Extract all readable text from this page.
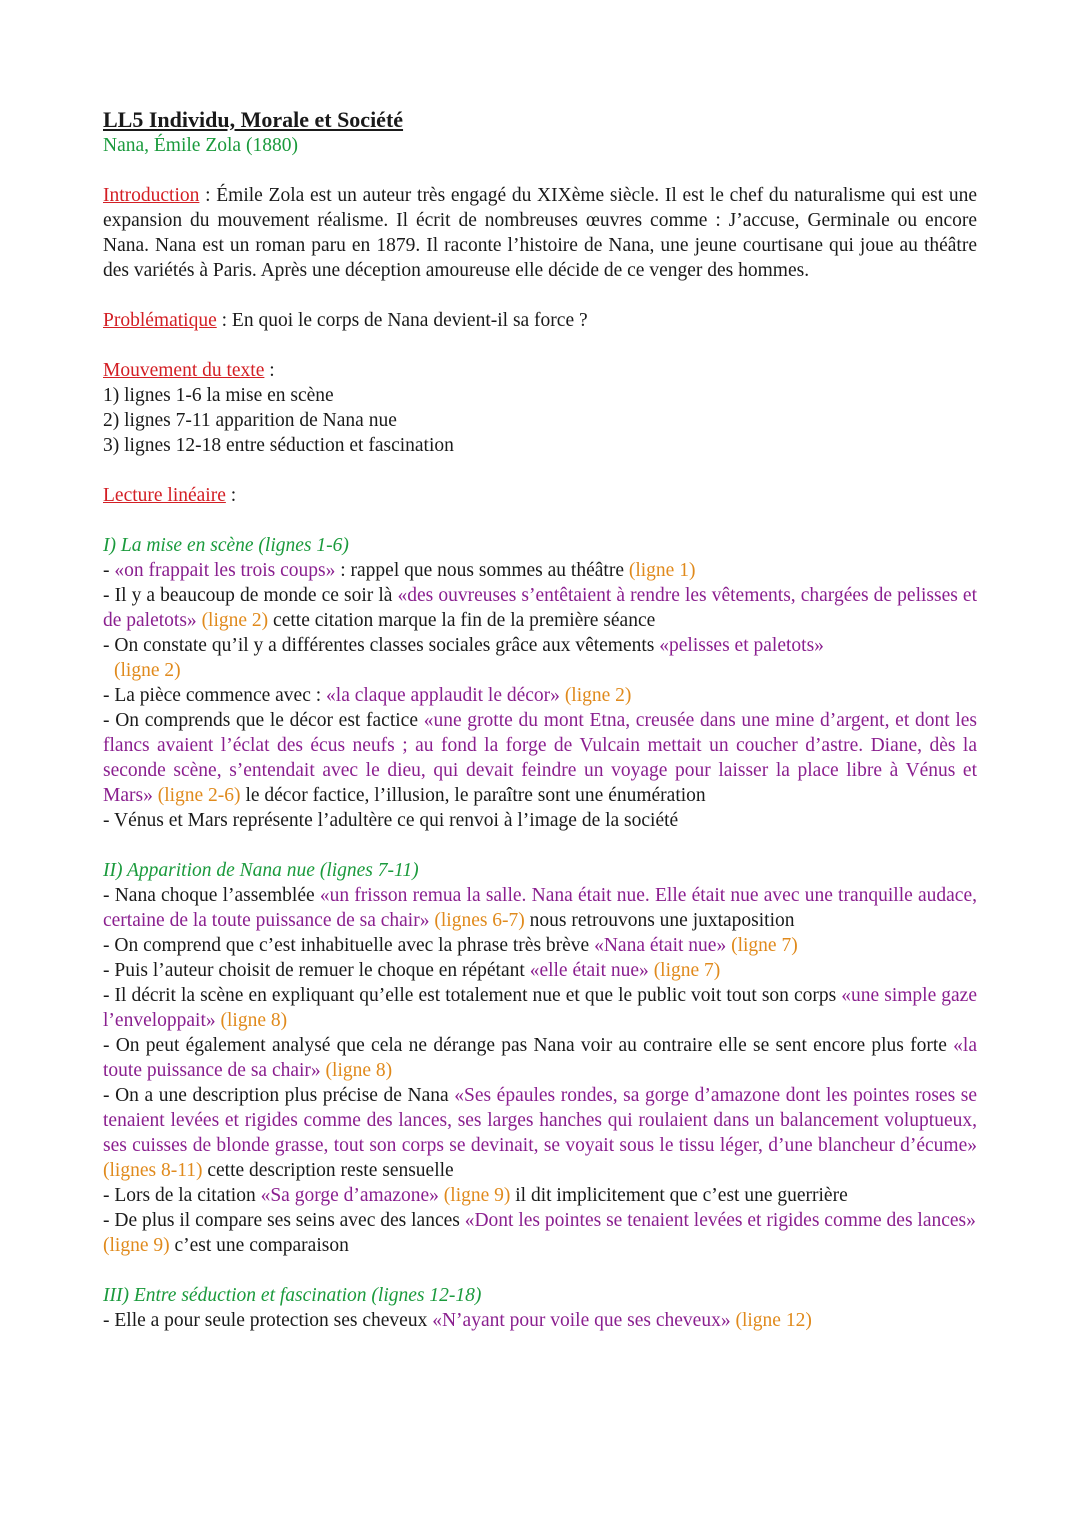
LL5 Individu, Morale et Société

Nana, Émile Zola (1880)

Introduction : Émile Zola est un auteur très engagé du XIXème siècle. Il est le chef du naturalisme qui est une expansion du mouvement réalisme. Il écrit de nombreuses œuvres comme : J’accuse, Germinale ou encore Nana. Nana est un roman paru en 1879. Il raconte l’histoire de Nana, une jeune courtisane qui joue au théâtre des variétés à Paris. Après une déception amoureuse elle décide de ce venger des hommes.

Problématique : En quoi le corps de Nana devient-il sa force ?

Mouvement du texte :

1) lignes 1-6 la mise en scène

2) lignes 7-11 apparition de Nana nue

3) lignes 12-18 entre séduction et fascination

Lecture linéaire :

I) La mise en scène (lignes 1-6)

- «on frappait les trois coups» : rappel que nous sommes au théâtre (ligne 1)

- Il y a beaucoup de monde ce soir là «des ouvreuses s’entêtaient à rendre les vêtements, chargées de pelisses et de paletots» (ligne 2) cette citation marque la fin de la première séance

- On constate qu’il y a différentes classes sociales grâce aux vêtements «pelisses et paletots»

(ligne 2)

- La pièce commence avec : «la claque applaudit le décor» (ligne 2)

- On comprends que le décor est factice «une grotte du mont Etna, creusée dans une mine d’argent, et dont les flancs avaient l’éclat des écus neufs ; au fond la forge de Vulcain mettait un coucher d’astre. Diane, dès la seconde scène, s’entendait avec le dieu, qui devait feindre un voyage pour laisser la place libre à Vénus et Mars» (ligne 2-6) le décor factice, l’illusion, le paraître sont une énumération

- Vénus et Mars représente l’adultère ce qui renvoi à l’image de la société

II) Apparition de Nana nue (lignes 7-11)

- Nana choque l’assemblée «un frisson remua la salle. Nana était nue. Elle était nue avec une tranquille audace, certaine de la toute puissance de sa chair» (lignes 6-7) nous retrouvons une juxtaposition

- On comprend que c’est inhabituelle avec la phrase très brève «Nana était nue» (ligne 7)

- Puis l’auteur choisit de remuer le choque en répétant «elle était nue» (ligne 7)

- Il décrit la scène en expliquant qu’elle est totalement nue et que le public voit tout son corps «une simple gaze l’enveloppait» (ligne 8)

- On peut également analysé que cela ne dérange pas Nana voir au contraire elle se sent encore plus forte «la toute puissance de sa chair» (ligne 8)

- On a une description plus précise de Nana «Ses épaules rondes, sa gorge d’amazone dont les pointes roses se tenaient levées et rigides comme des lances, ses larges hanches qui roulaient dans un balancement voluptueux, ses cuisses de blonde grasse, tout son corps se devinait, se voyait sous le tissu léger, d’une blancheur d’écume» (lignes 8-11) cette description reste sensuelle

- Lors de la citation «Sa gorge d’amazone» (ligne 9) il dit implicitement que c’est une guerrière

- De plus il compare ses seins avec des lances «Dont les pointes se tenaient levées et rigides comme des lances» (ligne 9) c’est une comparaison

III) Entre séduction et fascination (lignes 12-18)

- Elle a pour seule protection ses cheveux «N’ayant pour voile que ses cheveux» (ligne 12)
